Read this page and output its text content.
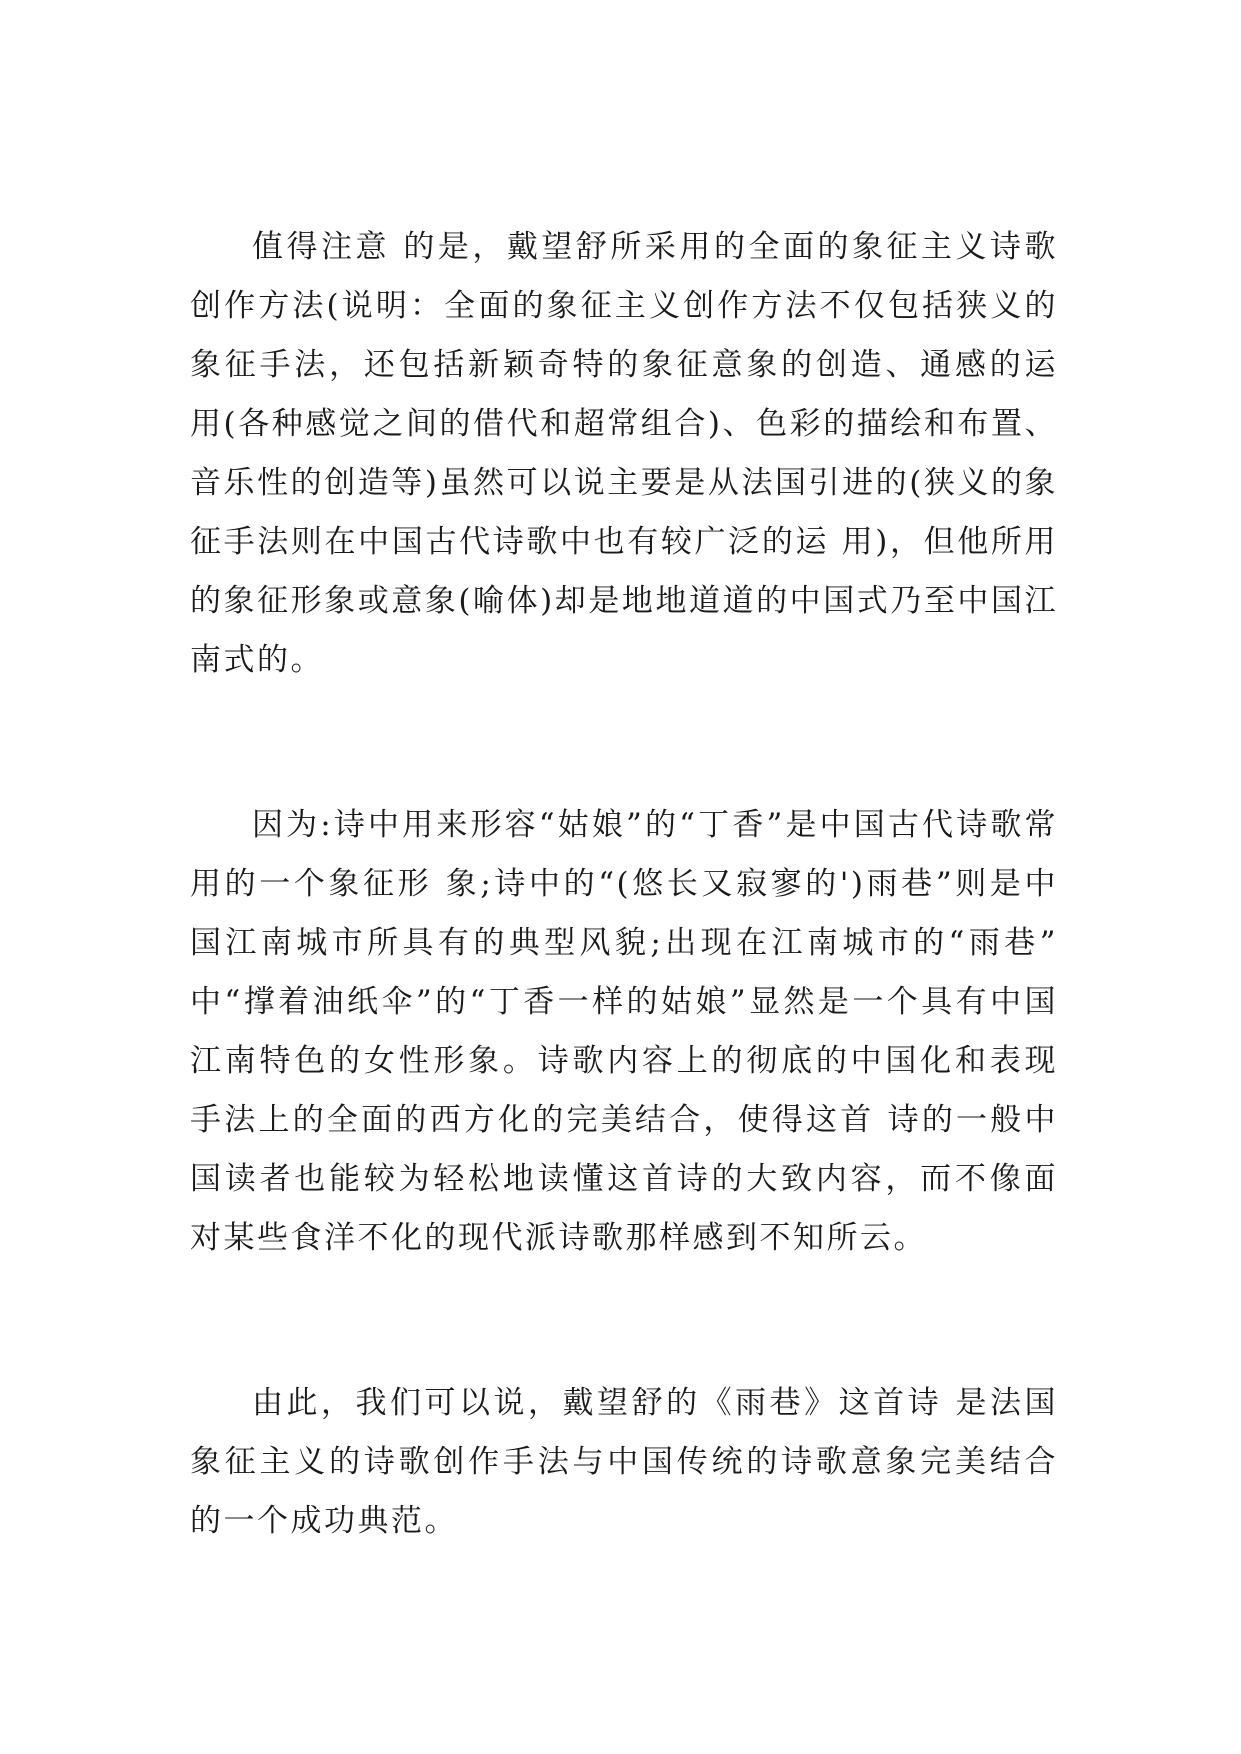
值得注意 的是，戴望舒所采用的全面的象征主义诗歌创作方法(说明：全面的象征主义创作方法不仅包括狭义的象征手法，还包括新颖奇特的象征意象的创造、通感的运用(各种感觉之间的借代和超常组合)、色彩的描绘和布置、音乐性的创造等)虽然可以说主要是从法国引进的(狭义的象征手法则在中国古代诗歌中也有较广泛的运 用)，但他所用的象征形象或意象(喻体)却是地地道道的中国式乃至中国江南式的。

因为:诗中用来形容“姑娘”的“丁香”是中国古代诗歌常用的一个象征形 象;诗中的“(悠长又寂寥的')雨巷”则是中国江南城市所具有的典型风貌;出现在江南城市的“雨巷” 中“撑着油纸伞”的“丁香一样的姑娘”显然是一个具有中国江南特色的女性形象。诗歌内容上的彻底的中国化和表现手法上的全面的西方化的完美结合，使得这首 诗的一般中国读者也能较为轻松地读懂这首诗的大致内容，而不像面对某些食洋不化的现代派诗歌那样感到不知所云。

由此，我们可以说，戴望舒的《雨巷》这首诗 是法国象征主义的诗歌创作手法与中国传统的诗歌意象完美结合的一个成功典范。
